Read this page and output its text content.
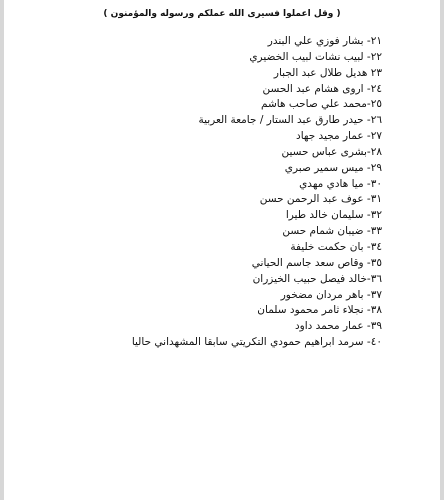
( وقل اعملوا فسيرى الله عملكم ورسوله والمؤمنون )
٢١- بشار فوزي علي البندر
٢٢- لبيب نشات لبيب الخضيري
٢٣ هديل طلال عبد الجبار
٢٤- اروى هشام عبد الحسن
٢٥-محمد علي صاحب هاشم
٢٦- حيدر طارق عبد الستار / جامعة العربية
٢٧- عمار مجيد جهاد
٢٨-بشرى عباس حسين
٢٩- ميس سمير صبري
٣٠- ميا هادي مهدي
٣١- عوف عبد الرحمن حسن
٣٢- سليمان خالد طيرا
٣٣- ضيبان شمام حسن
٣٤- بان حكمت خليفة
٣٥- وقاص سعد جاسم الحياني
٣٦-خالد فيصل حبيب الخيزران
٣٧- باهر مردان مضخور
٣٨- نجلاء ثامر محمود سلمان
٣٩- عمار محمد داود
٤٠- سرمد ابراهيم حمودي التكريتي سابقا المشهداني حاليا
